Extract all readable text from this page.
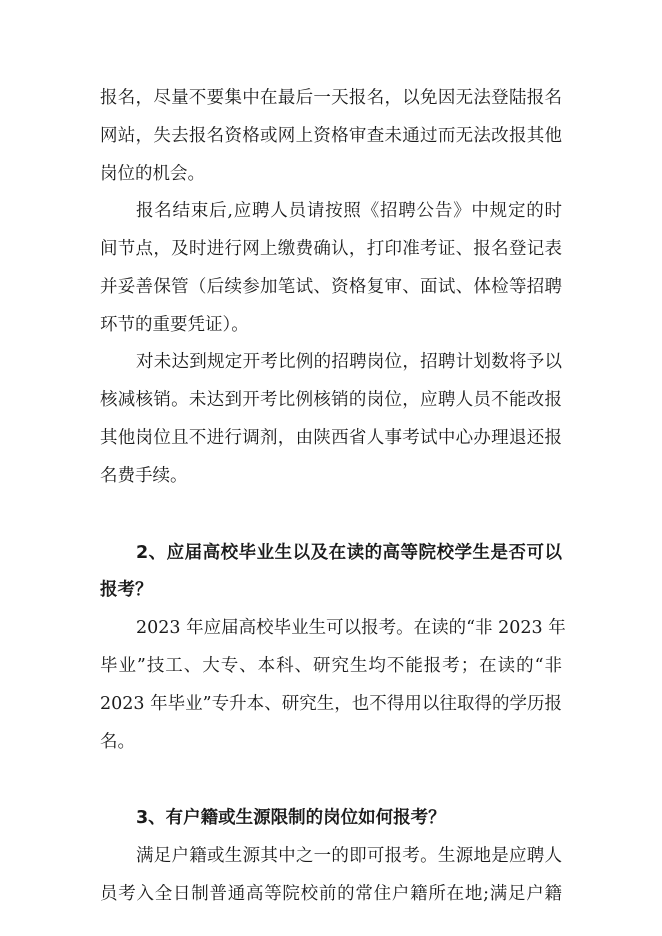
报名，尽量不要集中在最后一天报名，以免因无法登陆报名
网站，失去报名资格或网上资格审查未通过而无法改报其他
岗位的机会。
报名结束后,应聘人员请按照《招聘公告》中规定的时
间节点，及时进行网上缴费确认，打印准考证、报名登记表
并妥善保管（后续参加笔试、资格复审、面试、体检等招聘
环节的重要凭证）。
对未达到规定开考比例的招聘岗位，招聘计划数将予以
核减核销。未达到开考比例核销的岗位，应聘人员不能改报
其他岗位且不进行调剂，由陕西省人事考试中心办理退还报
名费手续。
2、应届高校毕业生以及在读的高等院校学生是否可以
报考？
2023 年应届高校毕业生可以报考。在读的“非 2023 年
毕业”技工、大专、本科、研究生均不能报考；在读的“非
2023 年毕业”专升本、研究生，也不得用以往取得的学历报
名。
3、有户籍或生源限制的岗位如何报考？
满足户籍或生源其中之一的即可报考。生源地是应聘人
员考入全日制普通高等院校前的常住户籍所在地;满足户籍
